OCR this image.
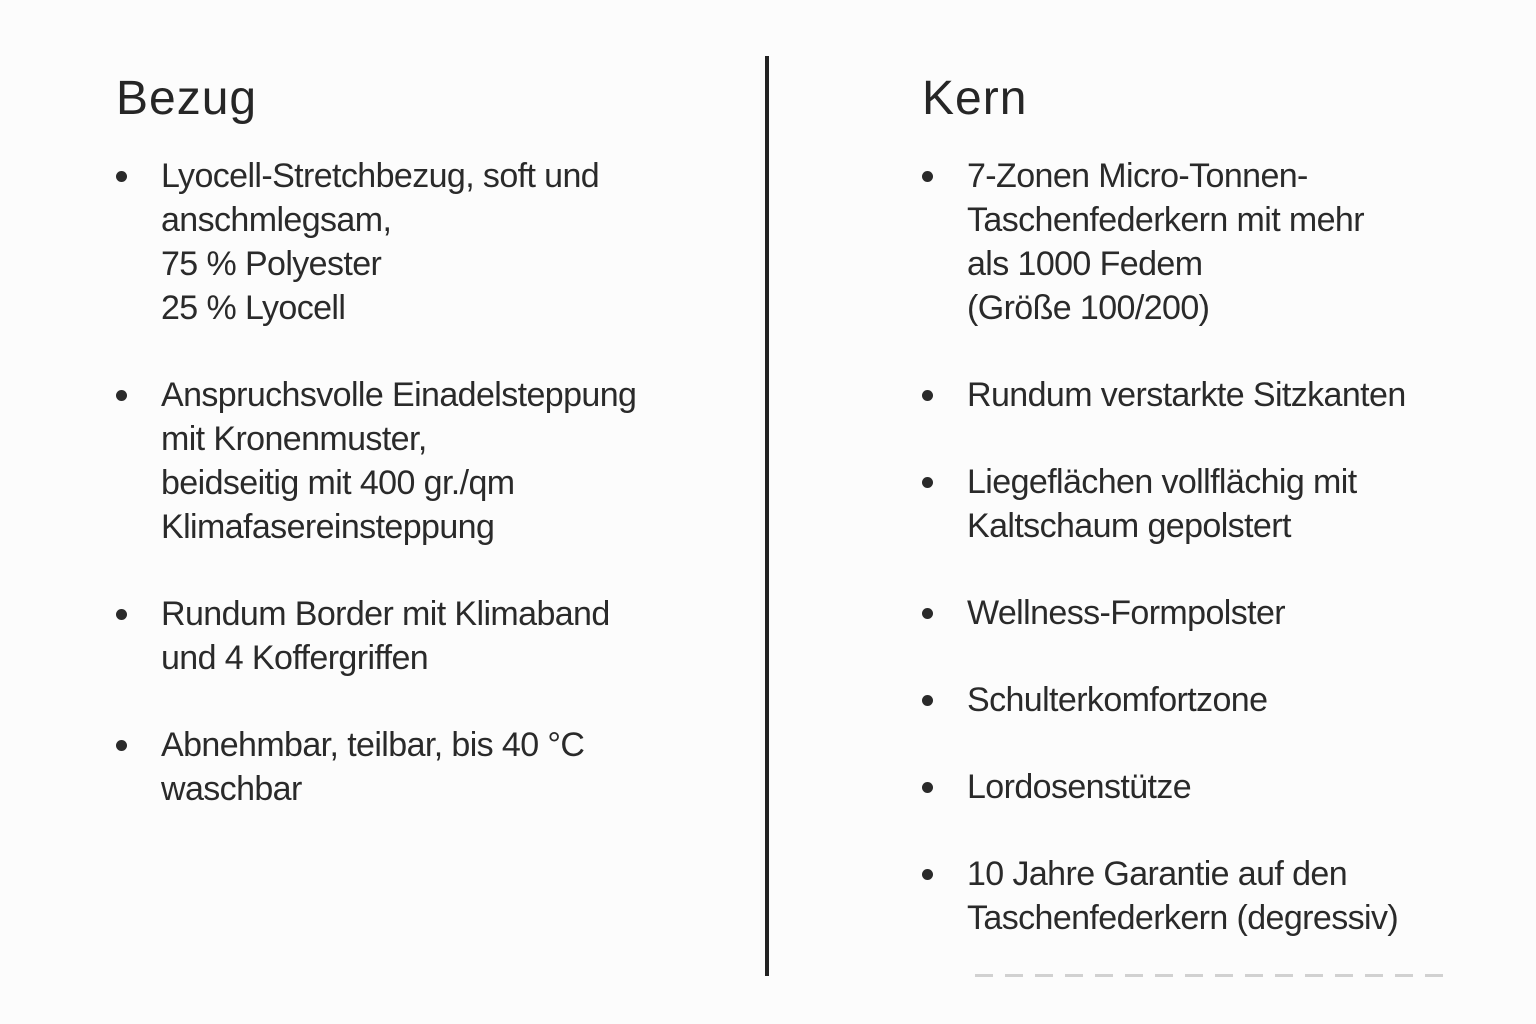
Bezug
Lyocell-Stretchbezug, soft und
anschmlegsam,
75 % Polyester
25 % Lyocell
Anspruchsvolle Einadelsteppung
mit Kronenmuster,
beidseitig mit 400 gr./qm
Klimafasereinsteppung
Rundum Border mit Klimaband
und 4 Koffergriffen
Abnehmbar, teilbar, bis 40 °C
waschbar
Kern
7-Zonen Micro-Tonnen-
Taschenfederkern mit mehr
als 1000 Fedem
(Größe 100/200)
Rundum verstarkte Sitzkanten
Liegeflächen vollflächig mit
Kaltschaum gepolstert
Wellness-Formpolster
Schulterkomfortzone
Lordosenstütze
10 Jahre Garantie auf den
Taschenfederkern (degressiv)
